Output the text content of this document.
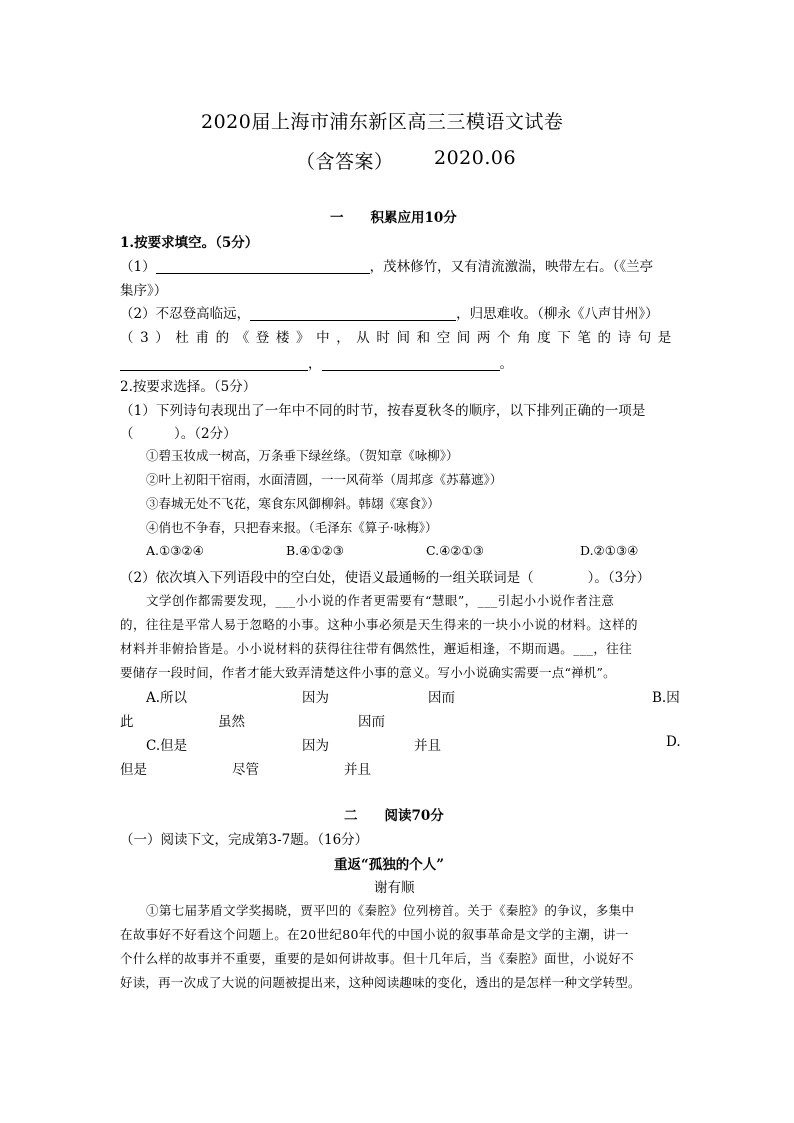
2020届上海市浦东新区高三三模语文试卷
（含答案） 2020.06
一　　积累应用10分
1.按要求填空。（5分）
（1）	，茂林修竹，又有清流激湍，映带左右。（《兰亭
集序》）
（2）不忍登高临远，	，归思难收。（柳永《八声甘州》）
（3）杜甫的《登楼》中，从时间和空间两个角度下笔的诗句是
，	。
2.按要求选择。（5分）
（1）下列诗句表现出了一年中不同的时节，按春夏秋冬的顺序，以下排列正确的一项是
（　　　）。（2分）
①碧玉妆成一树高，万条垂下绿丝绦。（贺知章《咏柳》）
②叶上初阳干宿雨，水面清圆，一一风荷举（周邦彦《苏幕遮》）
③春城无处不飞花，寒食东风御柳斜。韩翃《寒食》）
④俏也不争春，只把春来报。（毛泽东《算子·咏梅》）
A.①③②④	B.④①②③	C.④②①③	D.②①③④
（2）依次填入下列语段中的空白处，使语义最通畅的一组关联词是（　　　　）。（3分）
文学创作都需要发现，___小小说的作者更需要有“慧眼”，___引起小小说作者注意
的，往往是平常人易于忽略的小事。这种小事必须是天生得来的一块小小说的材料。这样的
材料并非俯拾皆是。小小说材料的获得往往带有偶然性，邂逅相逢，不期而遇。___，往往
要储存一段时间，作者才能大致弄清楚这件小事的意义。写小小说确实需要一点“禅机”。
A.所以	因为	因而	B.因
此	虽然	因而
C.但是	因为	并且	D.
但是	尽管	并且
二　　阅读70分
（一）阅读下文，完成第3-7题。（16分）
重返“孤独的个人”
谢有顺
①第七届茅盾文学奖揭晓，贾平凹的《秦腔》位列榜首。关于《秦腔》的争议，多集中
在故事好不好看这个问题上。在20世纪80年代的中国小说的叙事革命是文学的主潮，讲一
个什么样的故事并不重要，重要的是如何讲故事。但十几年后，当《秦腔》面世，小说好不
好读，再一次成了大说的问题被提出来，这种阅读趣味的变化，透出的是怎样一种文学转型。
